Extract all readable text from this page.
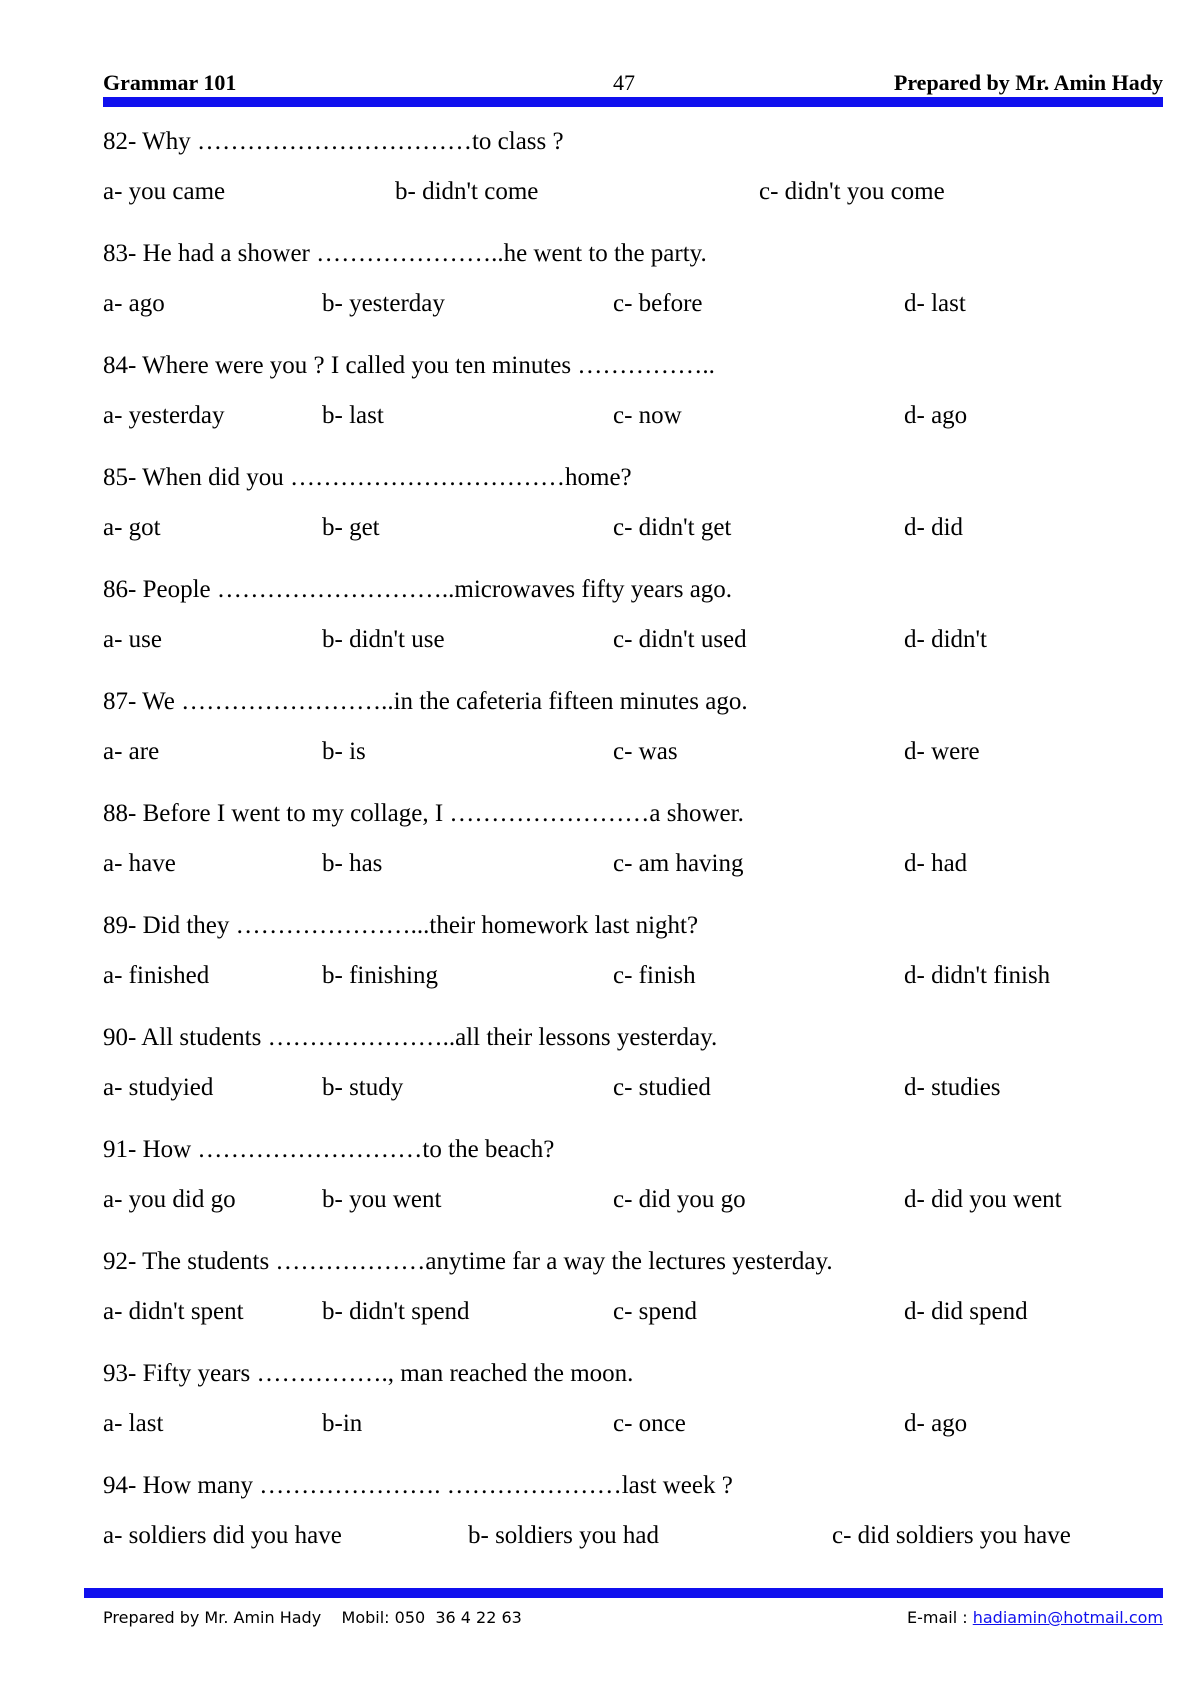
Grammar 101	47	Prepared by Mr. Amin Hady
82- Why ……………………………to class ?
a- you came	b- didn't come	c- didn't you come
83- He had a shower …………………..he went to the party.
a- ago	b- yesterday	c- before	d- last
84- Where were you ? I called you ten minutes ……………..
a- yesterday	b- last	c- now	d- ago
85- When did you ……………………………home?
a- got	b- get	c- didn't get	d- did
86- People ………………………..microwaves fifty years ago.
a- use	b- didn't use	c- didn't used	d- didn't
87- We ……………………..in the cafeteria fifteen minutes ago.
a- are	b- is	c- was	d- were
88- Before I went to my collage, I ……………………a shower.
a- have	b- has	c- am having	d- had
89- Did they …………………...their homework last night?
a- finished	b- finishing	c- finish	d- didn't finish
90- All students …………………..all their lessons yesterday.
a- studyied	b- study	c- studied	d- studies
91- How ………………………to the beach?
a- you did go	b- you went	c- did you go	d- did you went
92- The students ………………anytime far a way the lectures yesterday.
a- didn't spent	b- didn't spend	c- spend	d- did spend
93- Fifty years ……………., man reached the moon.
a- last	b-in	c- once	d- ago
94- How many …………………. …………………last week ?
a- soldiers did you have	b- soldiers you had	c- did soldiers you have
Prepared by Mr. Amin Hady    Mobil: 050  36 4 22 63	E-mail : hadiamin@hotmail.com
